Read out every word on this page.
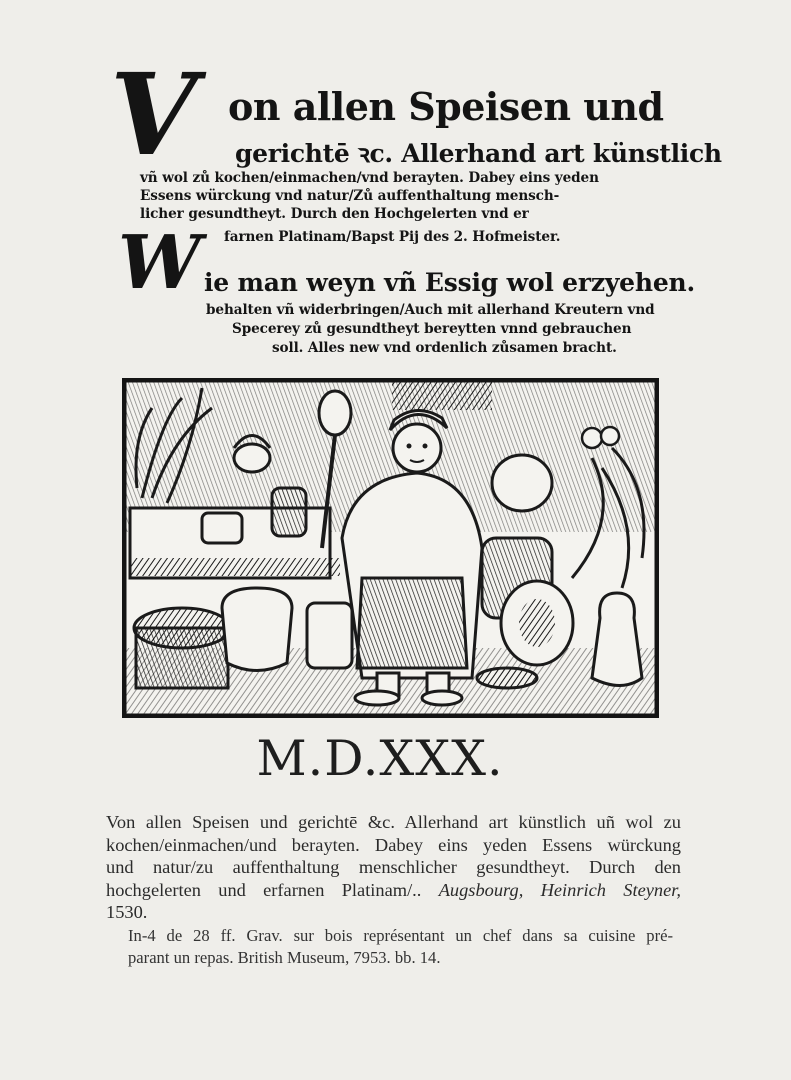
V on allen Speisen und
gerichtē ꝛc. Allerhand art künstlich
vñ wol zů kochen/einmachen/vnd berayten. Dabey eins yeden
Essens würckung vnd natur/Zů auffenthaltung mensch-
licher gesundtheyt. Durch den Hochgelerten vnd er
farnen Platinam/Bapst Pij des 2. Hofmeister.
W ie man weyn vñ Essig wol erzyehen.
behalten vñ widerbringen/Auch mit allerhand Kreutern vnd
Specerey zů gesundtheyt bereytten vnnd gebrauchen
soll. Alles new vnd ordenlich zůsamen bracht.
M.D.XXX.
Von allen Speisen und gerichtē &c. Allerhand art künstlich uñ wol zu
kochen/einmachen/und berayten. Dabey eins yeden Essens würckung
und natur/zu auffenthaltung menschlicher gesundtheyt. Durch den
hochgelerten und erfarnen Platinam/.. Augsbourg, Heinrich Steyner,
1530.
In-4 de 28 ff. Grav. sur bois représentant un chef dans sa cuisine pré-
parant un repas. British Museum, 7953. bb. 14.
